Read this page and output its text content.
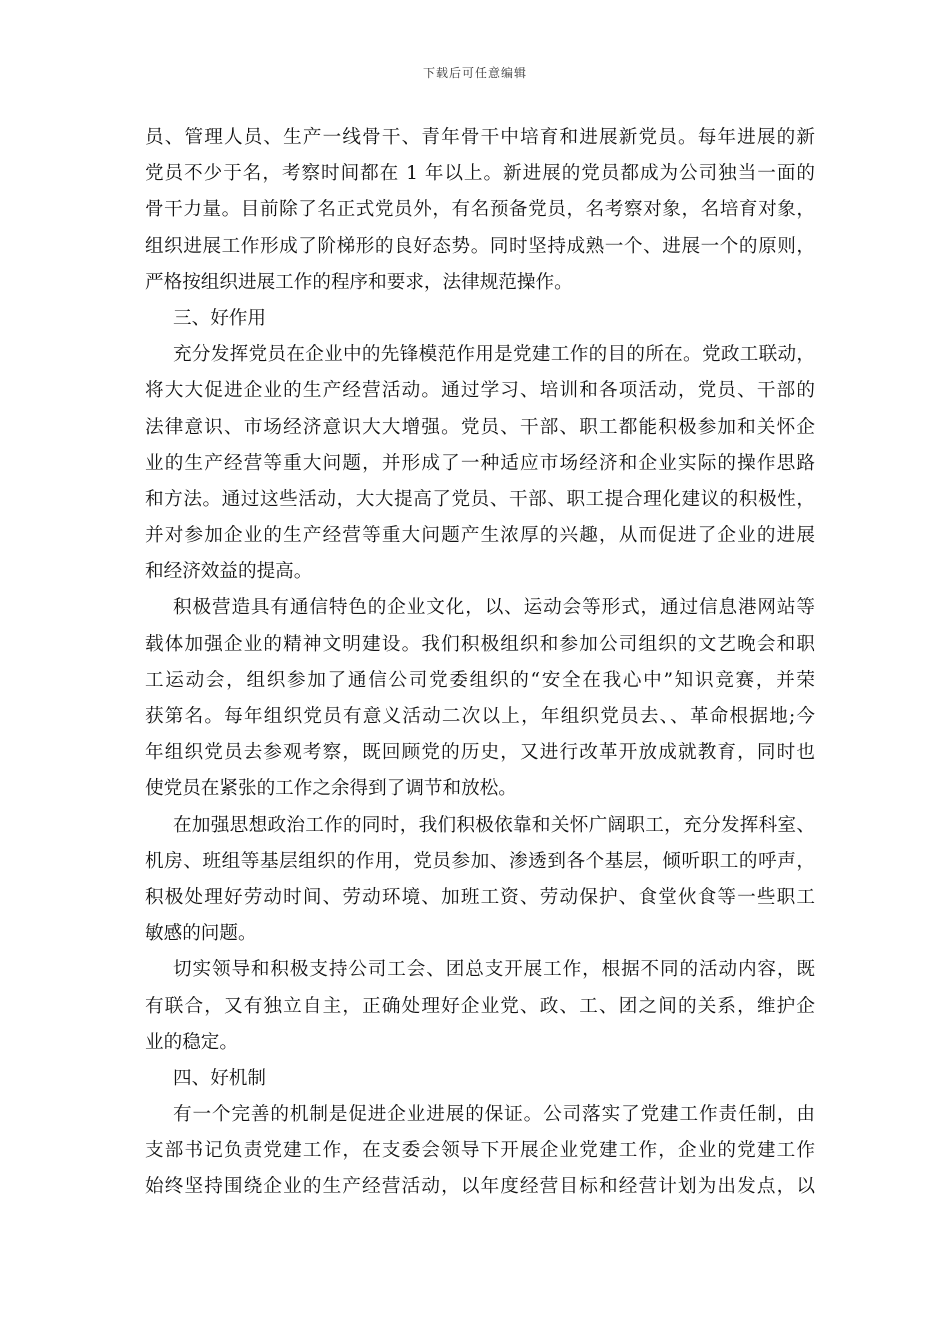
下载后可任意编辑
员、管理人员、生产一线骨干、青年骨干中培育和进展新党员。每年进展的新
党员不少于名，考察时间都在 1 年以上。新进展的党员都成为公司独当一面的
骨干力量。目前除了名正式党员外，有名预备党员，名考察对象，名培育对象，
组织进展工作形成了阶梯形的良好态势。同时坚持成熟一个、进展一个的原则，
严格按组织进展工作的程序和要求，法律规范操作。
三、好作用
充分发挥党员在企业中的先锋模范作用是党建工作的目的所在。党政工联动，
将大大促进企业的生产经营活动。通过学习、培训和各项活动，党员、干部的
法律意识、市场经济意识大大增强。党员、干部、职工都能积极参加和关怀企
业的生产经营等重大问题，并形成了一种适应市场经济和企业实际的操作思路
和方法。通过这些活动，大大提高了党员、干部、职工提合理化建议的积极性，
并对参加企业的生产经营等重大问题产生浓厚的兴趣，从而促进了企业的进展
和经济效益的提高。
积极营造具有通信特色的企业文化，以、运动会等形式，通过信息港网站等
载体加强企业的精神文明建设。我们积极组织和参加公司组织的文艺晚会和职
工运动会，组织参加了通信公司党委组织的“安全在我心中”知识竞赛，并荣
获第名。每年组织党员有意义活动二次以上，年组织党员去、、革命根据地;今
年组织党员去参观考察，既回顾党的历史，又进行改革开放成就教育，同时也
使党员在紧张的工作之余得到了调节和放松。
在加强思想政治工作的同时，我们积极依靠和关怀广阔职工，充分发挥科室、
机房、班组等基层组织的作用，党员参加、渗透到各个基层，倾听职工的呼声，
积极处理好劳动时间、劳动环境、加班工资、劳动保护、食堂伙食等一些职工
敏感的问题。
切实领导和积极支持公司工会、团总支开展工作，根据不同的活动内容，既
有联合，又有独立自主，正确处理好企业党、政、工、团之间的关系，维护企
业的稳定。
四、好机制
有一个完善的机制是促进企业进展的保证。公司落实了党建工作责任制，由
支部书记负责党建工作，在支委会领导下开展企业党建工作，企业的党建工作
始终坚持围绕企业的生产经营活动，以年度经营目标和经营计划为出发点，以
